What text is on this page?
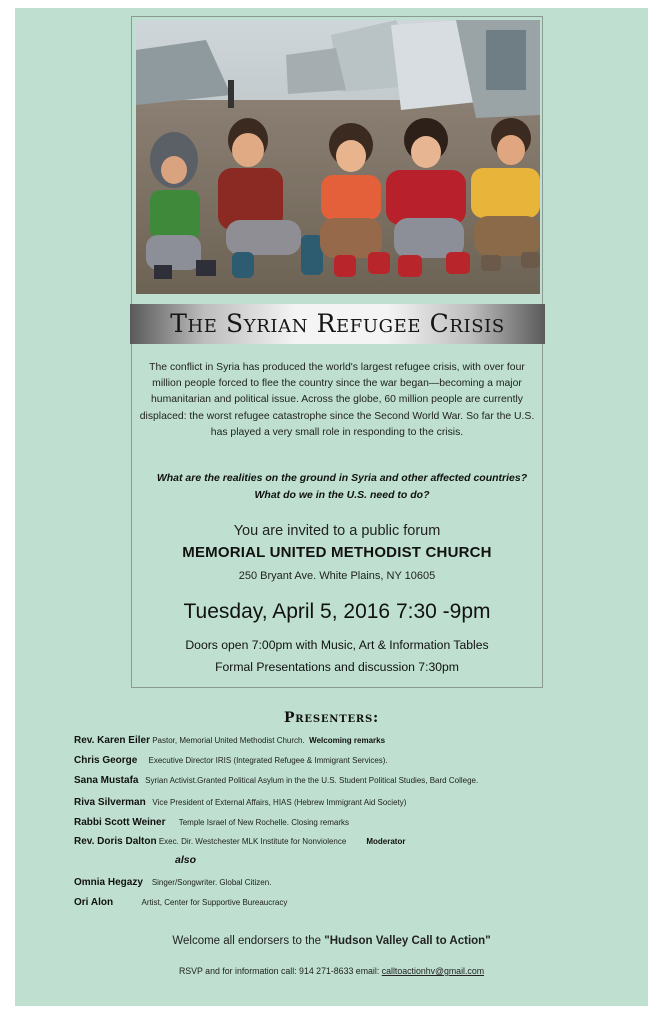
The Syrian Refugee Crisis
The conflict in Syria has produced the world's largest refugee crisis, with over four million people forced to flee the country since the war began—becoming a major humanitarian and political issue. Across the globe, 60 million people are currently displaced: the worst refugee catastrophe since the Second World War. So far the U.S. has played a very small role in responding to the crisis.
What are the realities on the ground in Syria and other affected countries? What do we in the U.S. need to do?
You are invited to a public forum
MEMORIAL UNITED METHODIST CHURCH
250 Bryant Ave. White Plains, NY 10605
Tuesday, April 5, 2016 7:30 -9pm
Doors open 7:00pm with Music, Art & Information Tables
Formal Presentations and discussion 7:30pm
Presenters:
Rev. Karen Eiler Pastor, Memorial United Methodist Church. Welcoming remarks
Chris George Executive Director IRIS (Integrated Refugee & Immigrant Services).
Sana Mustafa Syrian Activist.Granted Political Asylum in the the U.S. Student Political Studies, Bard College.
Riva Silverman Vice President of External Affairs, HIAS (Hebrew Immigrant Aid Society)
Rabbi Scott Weiner Temple Israel of New Rochelle. Closing remarks
Rev. Doris Dalton Exec. Dir. Westchester MLK Institute for Nonviolence	Moderator
also
Omnia Hegazy Singer/Songwriter. Global Citizen.
Ori Alon	Artist, Center for Supportive Bureaucracy
Welcome all endorsers to the "Hudson Valley Call to Action"
RSVP and for information call: 914 271-8633 email: calltoactionhv@gmail.com
